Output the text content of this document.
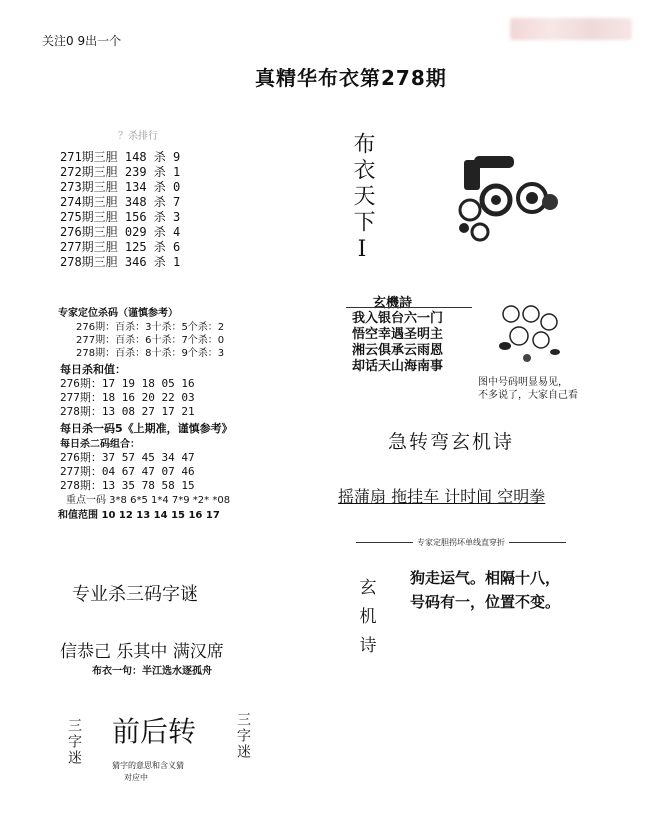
关注0 9出一个
真精华布衣第278期
？杀排行
271期三胆 148 杀 9
272期三胆 239 杀 1
273期三胆 134 杀 0
274期三胆 348 杀 7
275期三胆 156 杀 3
276期三胆 029 杀 4
277期三胆 125 杀 6
278期三胆 346 杀 1
专家定位杀码（谨慎参考）
276期：百杀：3十杀：5个杀：2
277期：百杀：6十杀：7个杀：0
278期：百杀：8十杀：9个杀：3
每日杀和值：
276期：17 19 18 05 16
277期：18 16 20 22 03
278期：13 08 27 17 21
每日杀一码5《上期准，谨慎参考》
每日杀二码组合：
276期：37 57 45 34 47
277期：04 67 47 07 46
278期：13 35 78 58 15
重点一码 3*8 6*5 1*4 7*9 *2* *08
和值范围 10 12 13 14 15 16 17
专业杀三码字谜
信恭己 乐其中 满汉席
布衣一句：半江选水逐孤舟
三字迷 前后转
猜字的意思和含义猜
对应中
三字迷
布衣天下
I
玄機詩
我入银台六一门
悟空幸遇圣明主
湘云俱承云雨恩
却话天山海南事
图中号码明显易见，
不多说了，大家自己看
急转弯玄机诗
摇蒲扇 拖挂车 计时间 空明拳
专家定胆拐坏单线直穿折
玄机诗 狗走运气。相隔十八，
号码有一，位置不变。
